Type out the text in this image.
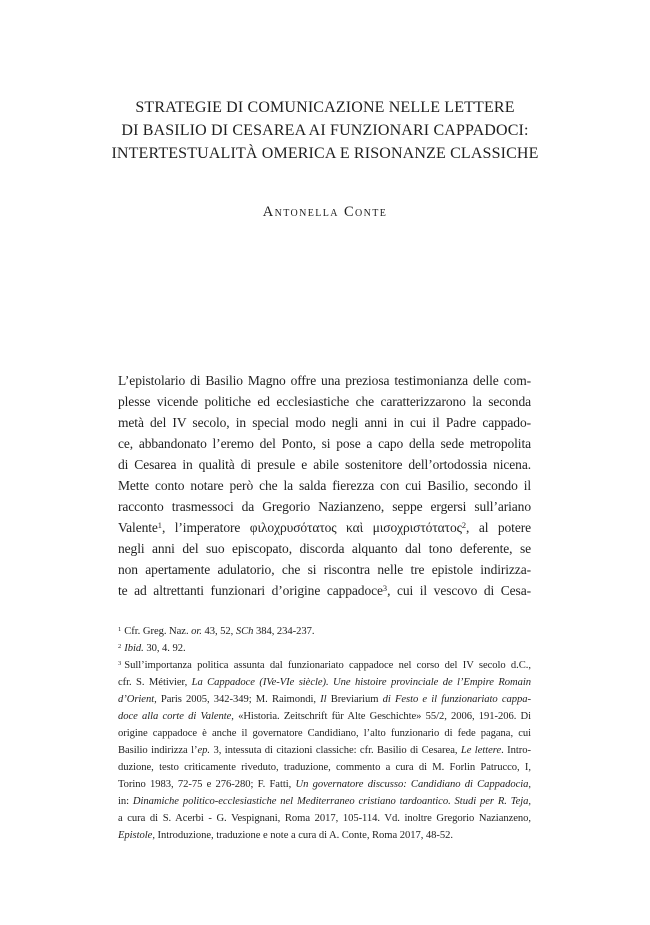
STRATEGIE DI COMUNICAZIONE NELLE LETTERE
DI BASILIO DI CESAREA AI FUNZIONARI CAPPADOCI:
INTERTESTUALITÀ OMERICA E RISONANZE CLASSICHE
Antonella Conte
L’epistolario di Basilio Magno offre una preziosa testimonianza delle com-
plesse vicende politiche ed ecclesiastiche che caratterizzarono la seconda
metà del IV secolo, in special modo negli anni in cui il Padre cappado-
ce, abbandonato l’eremo del Ponto, si pose a capo della sede metropolita
di Cesarea in qualità di presule e abile sostenitore dell’ortodossia nicena.
Mette conto notare però che la salda fierezza con cui Basilio, secondo il
racconto trasmessoci da Gregorio Nazianzeno, seppe ergersi sull’ariano
Valente$^1$, l’imperatore φιλοχρυσότατος καὶ μισοχριστότατος$^2$, al potere
negli anni del suo episcopato, discorda alquanto dal tono deferente, se
non apertamente adulatorio, che si riscontra nelle tre epistole indirizza-
te ad altrettanti funzionari d’origine cappadoce$^3$, cui il vescovo di Cesa-
$^1$ Cfr. Greg. Naz. or. 43, 52, SCh 384, 234-237.
$^2$ Ibid. 30, 4. 92.
$^3$ Sull’importanza politica assunta dal funzionariato cappadoce nel corso del IV secolo d.C.,
cfr. S. Métivier, La Cappadoce (IVe-VIe siècle). Une histoire provinciale de l’Empire Romain
d’Orient, Paris 2005, 342-349; M. Raimondi, Il Breviarium di Festo e il funzionariato cappa-
doce alla corte di Valente, «Historia. Zeitschrift für Alte Geschichte» 55/2, 2006, 191-206. Di
origine cappadoce è anche il governatore Candidiano, l’alto funzionario di fede pagana, cui
Basilio indirizza l’ep. 3, intessuta di citazioni classiche: cfr. Basilio di Cesarea, Le lettere. Intro-
duzione, testo criticamente riveduto, traduzione, commento a cura di M. Forlin Patrucco, I,
Torino 1983, 72-75 e 276-280; F. Fatti, Un governatore discusso: Candidiano di Cappadocia,
in: Dinamiche politico-ecclesiastiche nel Mediterraneo cristiano tardoantico. Studi per R. Teja,
a cura di S. Acerbi - G. Vespignani, Roma 2017, 105-114. Vd. inoltre Gregorio Nazianzeno,
Epistole, Introduzione, traduzione e note a cura di A. Conte, Roma 2017, 48-52.
